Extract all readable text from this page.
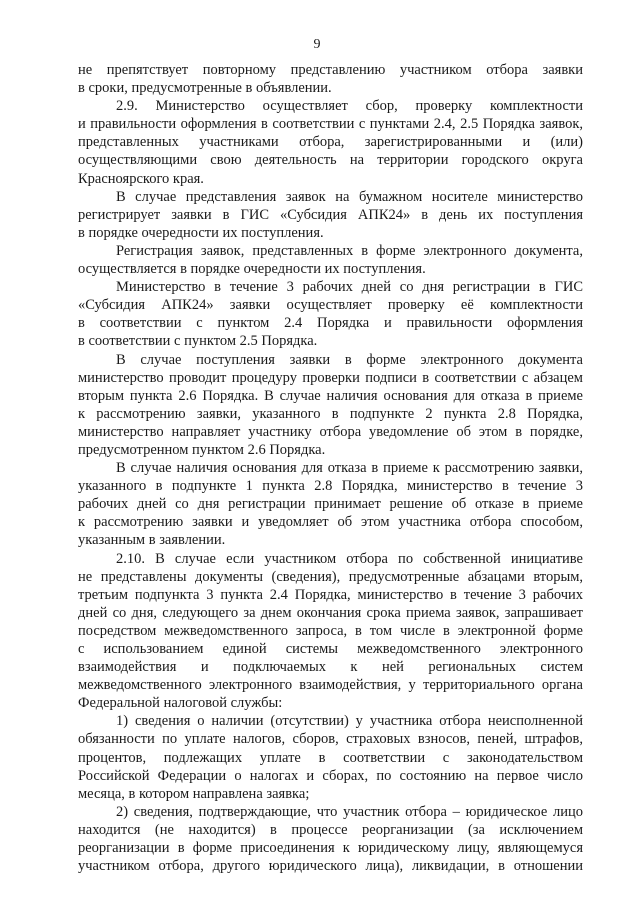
9
не препятствует повторному представлению участником отбора заявки
в сроки, предусмотренные в объявлении.
2.9. Министерство осуществляет сбор, проверку комплектности
и правильности оформления в соответствии с пунктами 2.4, 2.5 Порядка заявок,
представленных участниками отбора, зарегистрированными и (или)
осуществляющими свою деятельность на территории городского округа
Красноярского края.
В случае представления заявок на бумажном носителе министерство
регистрирует заявки в ГИС «Субсидия АПК24» в день их поступления
в порядке очередности их поступления.
Регистрация заявок, представленных в форме электронного документа,
осуществляется в порядке очередности их поступления.
Министерство в течение 3 рабочих дней со дня регистрации в ГИС
«Субсидия АПК24» заявки осуществляет проверку её комплектности
в соответствии с пунктом 2.4 Порядка и правильности оформления
в соответствии с пунктом 2.5 Порядка.
В случае поступления заявки в форме электронного документа
министерство проводит процедуру проверки подписи в соответствии с абзацем
вторым пункта 2.6 Порядка. В случае наличия основания для отказа в приеме
к рассмотрению заявки, указанного в подпункте 2 пункта 2.8 Порядка,
министерство направляет участнику отбора уведомление об этом в порядке,
предусмотренном пунктом 2.6 Порядка.
В случае наличия основания для отказа в приеме к рассмотрению заявки,
указанного в подпункте 1 пункта 2.8 Порядка, министерство в течение 3
рабочих дней со дня регистрации принимает решение об отказе в приеме
к рассмотрению заявки и уведомляет об этом участника отбора способом,
указанным в заявлении.
2.10. В случае если участником отбора по собственной инициативе
не представлены документы (сведения), предусмотренные абзацами вторым,
третьим подпункта 3 пункта 2.4 Порядка, министерство в течение 3 рабочих
дней со дня, следующего за днем окончания срока приема заявок, запрашивает
посредством межведомственного запроса, в том числе в электронной форме
с использованием единой системы межведомственного электронного
взаимодействия и подключаемых к ней региональных систем
межведомственного электронного взаимодействия, у территориального органа
Федеральной налоговой службы:
1) сведения о наличии (отсутствии) у участника отбора неисполненной
обязанности по уплате налогов, сборов, страховых взносов, пеней, штрафов,
процентов, подлежащих уплате в соответствии с законодательством
Российской Федерации о налогах и сборах, по состоянию на первое число
месяца, в котором направлена заявка;
2) сведения, подтверждающие, что участник отбора – юридическое лицо
находится (не находится) в процессе реорганизации (за исключением
реорганизации в форме присоединения к юридическому лицу, являющемуся
участником отбора, другого юридического лица), ликвидации, в отношении
